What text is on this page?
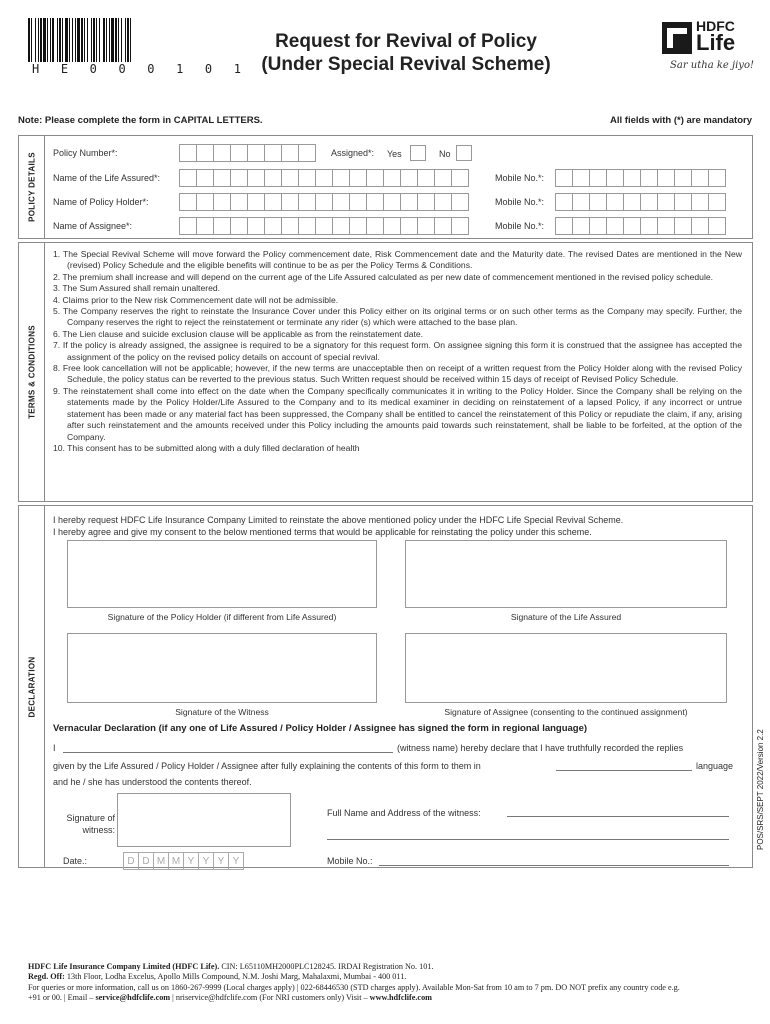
H E 0 0 0 1 0 1
Request for Revival of Policy
(Under Special Revival Scheme)
HDFC
Life
Sar utha ke jiyo!
Note: Please complete the form in CAPITAL LETTERS.	All fields with (*) are mandatory
POLICY DETAILS Policy Number*:	Assigned*: Yes	No
Name of the Life Assured*:	Mobile No.*:
Name of Policy Holder*:	Mobile No.*:
Name of Assignee*:	Mobile No.*:
TERMS & CONDITIONS
1. The Special Revival Scheme will move forward the Policy commencement date, Risk Commencement date and the Maturity date. The revised Dates are mentioned in the New (revised) Policy Schedule and the eligible benefits will continue to be as per the Policy Terms & Conditions.
2. The premium shall increase and will depend on the current age of the Life Assured calculated as per new date of commencement mentioned in the revised policy schedule.
3. The Sum Assured shall remain unaltered.
4. Claims prior to the New risk Commencement date will not be admissible.
5. The Company reserves the right to reinstate the Insurance Cover under this Policy either on its original terms or on such other terms as the Company may specify. Further, the Company reserves the right to reject the reinstatement or terminate any rider (s) which were attached to the base plan.
6. The Lien clause and suicide exclusion clause will be applicable as from the reinstatement date.
7. If the policy is already assigned, the assignee is required to be a signatory for this request form. On assignee signing this form it is construed that the assignee has accepted the assignment of the policy on the revised policy details on account of special revival.
8. Free look cancellation will not be applicable; however, if the new terms are unacceptable then on receipt of a written request from the Policy Holder along with the revised Policy Schedule, the policy status can be reverted to the previous status. Such Written request should be received within 15 days of receipt of Revised Policy Schedule.
9. The reinstatement shall come into effect on the date when the Company specifically communicates it in writing to the Policy Holder. Since the Company shall be relying on the statements made by the Policy Holder/Life Assured to the Company and to its medical examiner in deciding on reinstatement of a lapsed Policy, if any incorrect or untrue statement has been made or any material fact has been suppressed, the Company shall be entitled to cancel the reinstatement of this Policy or repudiate the claim, if any, arising after such reinstatement and the amounts received under this Policy including the amounts paid towards such reinstatement, shall be liable to be forfeited, at the option of the Company.
10. This consent has to be submitted along with a duly filled declaration of health
DECLARATION
I hereby request HDFC Life Insurance Company Limited to reinstate the above mentioned policy under the HDFC Life Special Revival Scheme.
I hereby agree and give my consent to the below mentioned terms that would be applicable for reinstating the policy under this scheme.
Signature of the Policy Holder (if different from Life Assured)	Signature of the Life Assured
Signature of the Witness	Signature of Assignee (consenting to the continued assignment)
Vernacular Declaration (if any one of Life Assured / Policy Holder / Assignee has signed the form in regional language)
I	(witness name) hereby declare that I have truthfully recorded the replies
given by the Life Assured / Policy Holder / Assignee after fully explaining the contents of this form to them in	language
and he / she has understood the contents thereof.
Signature of witness:
Full Name and Address of the witness:
Date.:	D D M M Y Y Y Y	Mobile No.:
POS/SRS/SEPT 2022/Version 2.2
HDFC Life Insurance Company Limited (HDFC Life). CIN: L65110MH2000PLC128245. IRDAI Registration No. 101.
Regd. Off: 13th Floor, Lodha Excelus, Apollo Mills Compound, N.M. Joshi Marg, Mahalaxmi, Mumbai - 400 011.
For queries or more information, call us on 1860-267-9999 (Local charges apply) | 022-68446530 (STD charges apply). Available Mon-Sat from 10 am to 7 pm. DO NOT prefix any country code e.g.
+91 or 00. | Email – service@hdfclife.com | nriservice@hdfclife.com (For NRI customers only) Visit – www.hdfclife.com
